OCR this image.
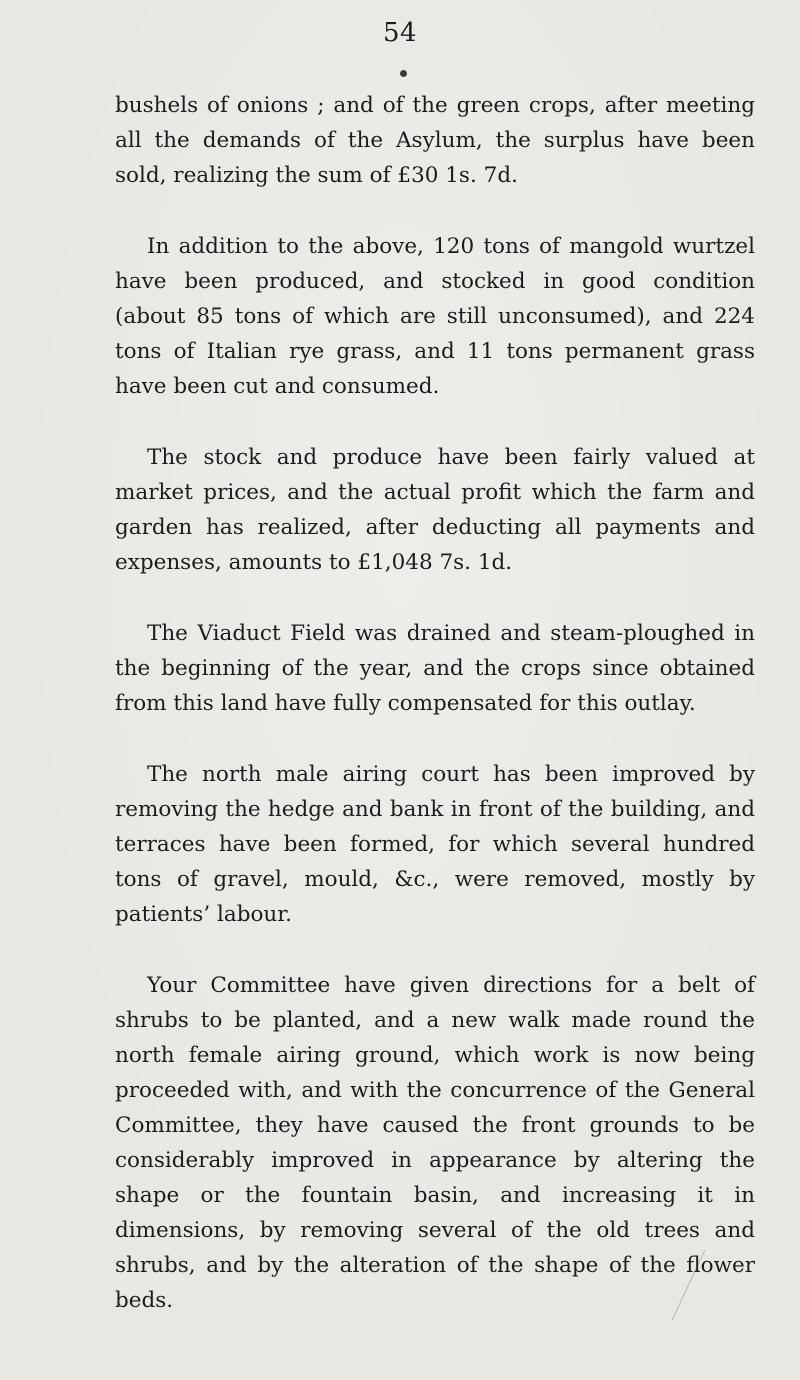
54

bushels of onions ; and of the green crops, after meeting all the demands of the Asylum, the surplus have been sold, realizing the sum of £30 1s. 7d.

In addition to the above, 120 tons of mangold wurtzel have been produced, and stocked in good condition (about 85 tons of which are still unconsumed), and 224 tons of Italian rye grass, and 11 tons permanent grass have been cut and consumed.

The stock and produce have been fairly valued at market prices, and the actual profit which the farm and garden has realized, after deducting all payments and expenses, amounts to £1,048 7s. 1d.

The Viaduct Field was drained and steam-ploughed in the beginning of the year, and the crops since obtained from this land have fully compensated for this outlay.

The north male airing court has been improved by removing the hedge and bank in front of the building, and terraces have been formed, for which several hundred tons of gravel, mould, &c., were removed, mostly by patients’ labour.

Your Committee have given directions for a belt of shrubs to be planted, and a new walk made round the north female airing ground, which work is now being proceeded with, and with the concurrence of the General Committee, they have caused the front grounds to be considerably improved in appearance by altering the shape or the fountain basin, and increasing it in dimensions, by removing several of the old trees and shrubs, and by the alteration of the shape of the flower beds.
